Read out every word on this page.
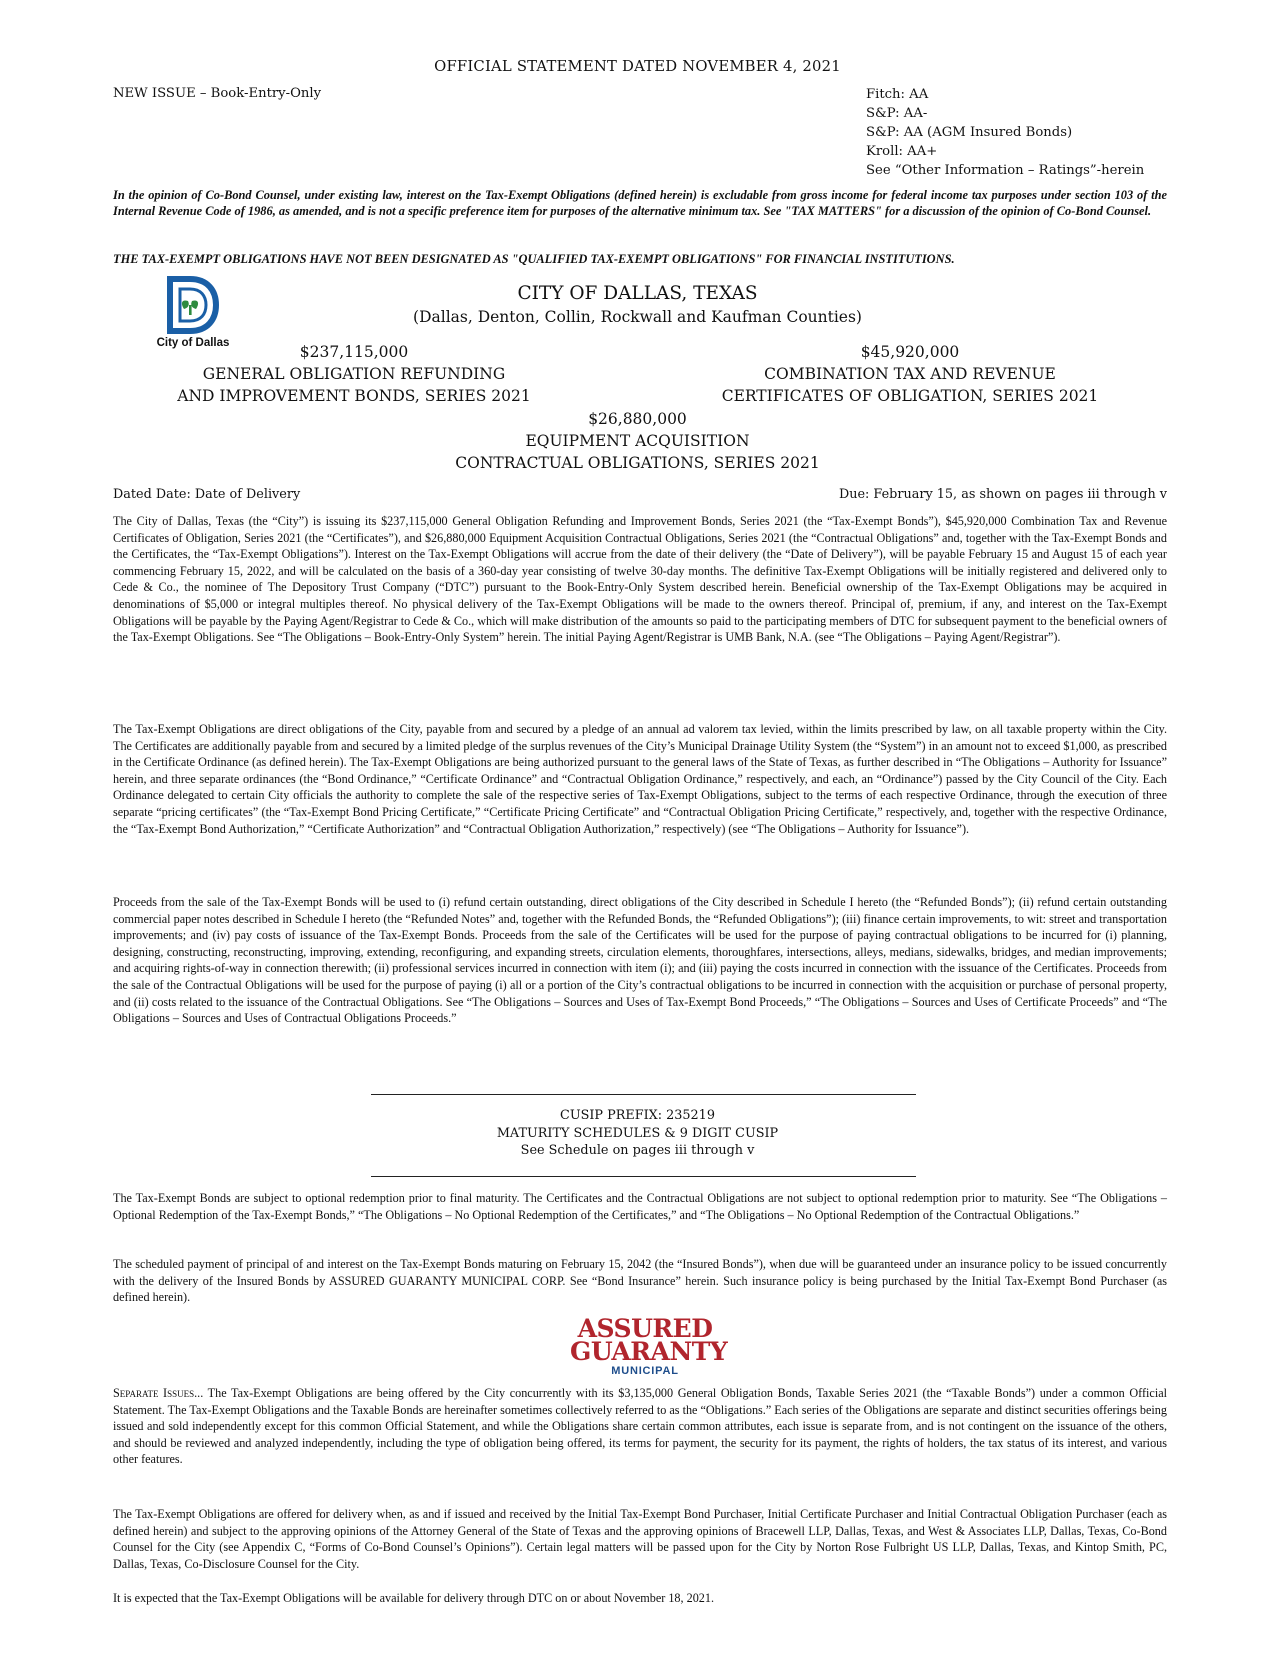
OFFICIAL STATEMENT DATED NOVEMBER 4, 2021
NEW ISSUE – Book-Entry-Only	Fitch: AA
S&P: AA-
S&P: AA (AGM Insured Bonds)
Kroll: AA+
See “Other Information – Ratings”-herein

In the opinion of Co-Bond Counsel, under existing law, interest on the Tax-Exempt Obligations (defined herein) is excludable from gross income for federal income tax purposes under section 103 of the Internal Revenue Code of 1986, as amended, and is not a specific preference item for purposes of the alternative minimum tax. See "TAX MATTERS" for a discussion of the opinion of Co-Bond Counsel.

THE TAX-EXEMPT OBLIGATIONS HAVE NOT BEEN DESIGNATED AS "QUALIFIED TAX-EXEMPT OBLIGATIONS" FOR FINANCIAL INSTITUTIONS.

City of Dallas
CITY OF DALLAS, TEXAS
(Dallas, Denton, Collin, Rockwall and Kaufman Counties)
$237,115,000
GENERAL OBLIGATION REFUNDING
AND IMPROVEMENT BONDS, SERIES 2021
$45,920,000
COMBINATION TAX AND REVENUE
CERTIFICATES OF OBLIGATION, SERIES 2021
$26,880,000
EQUIPMENT ACQUISITION
CONTRACTUAL OBLIGATIONS, SERIES 2021
Dated Date: Date of Delivery	Due: February 15, as shown on pages iii through v

The City of Dallas, Texas (the “City”) is issuing its $237,115,000 General Obligation Refunding and Improvement Bonds, Series 2021 (the “Tax-Exempt Bonds”), $45,920,000 Combination Tax and Revenue Certificates of Obligation, Series 2021 (the “Certificates”), and $26,880,000 Equipment Acquisition Contractual Obligations, Series 2021 (the “Contractual Obligations” and, together with the Tax-Exempt Bonds and the Certificates, the “Tax-Exempt Obligations”). Interest on the Tax-Exempt Obligations will accrue from the date of their delivery (the “Date of Delivery”), will be payable February 15 and August 15 of each year commencing February 15, 2022, and will be calculated on the basis of a 360-day year consisting of twelve 30-day months. The definitive Tax-Exempt Obligations will be initially registered and delivered only to Cede & Co., the nominee of The Depository Trust Company (“DTC”) pursuant to the Book-Entry-Only System described herein. Beneficial ownership of the Tax-Exempt Obligations may be acquired in denominations of $5,000 or integral multiples thereof. No physical delivery of the Tax-Exempt Obligations will be made to the owners thereof. Principal of, premium, if any, and interest on the Tax-Exempt Obligations will be payable by the Paying Agent/Registrar to Cede & Co., which will make distribution of the amounts so paid to the participating members of DTC for subsequent payment to the beneficial owners of the Tax-Exempt Obligations. See “The Obligations – Book-Entry-Only System” herein. The initial Paying Agent/Registrar is UMB Bank, N.A. (see “The Obligations – Paying Agent/Registrar”).

The Tax-Exempt Obligations are direct obligations of the City, payable from and secured by a pledge of an annual ad valorem tax levied, within the limits prescribed by law, on all taxable property within the City. The Certificates are additionally payable from and secured by a limited pledge of the surplus revenues of the City’s Municipal Drainage Utility System (the “System”) in an amount not to exceed $1,000, as prescribed in the Certificate Ordinance (as defined herein). The Tax-Exempt Obligations are being authorized pursuant to the general laws of the State of Texas, as further described in “The Obligations – Authority for Issuance” herein, and three separate ordinances (the “Bond Ordinance,” “Certificate Ordinance” and “Contractual Obligation Ordinance,” respectively, and each, an “Ordinance”) passed by the City Council of the City. Each Ordinance delegated to certain City officials the authority to complete the sale of the respective series of Tax-Exempt Obligations, subject to the terms of each respective Ordinance, through the execution of three separate “pricing certificates” (the “Tax-Exempt Bond Pricing Certificate,” “Certificate Pricing Certificate” and “Contractual Obligation Pricing Certificate,” respectively, and, together with the respective Ordinance, the “Tax-Exempt Bond Authorization,” “Certificate Authorization” and “Contractual Obligation Authorization,” respectively) (see “The Obligations – Authority for Issuance”).

Proceeds from the sale of the Tax-Exempt Bonds will be used to (i) refund certain outstanding, direct obligations of the City described in Schedule I hereto (the “Refunded Bonds”); (ii) refund certain outstanding commercial paper notes described in Schedule I hereto (the “Refunded Notes” and, together with the Refunded Bonds, the “Refunded Obligations”); (iii) finance certain improvements, to wit: street and transportation improvements; and (iv) pay costs of issuance of the Tax-Exempt Bonds. Proceeds from the sale of the Certificates will be used for the purpose of paying contractual obligations to be incurred for (i) planning, designing, constructing, reconstructing, improving, extending, reconfiguring, and expanding streets, circulation elements, thoroughfares, intersections, alleys, medians, sidewalks, bridges, and median improvements; and acquiring rights-of-way in connection therewith; (ii) professional services incurred in connection with item (i); and (iii) paying the costs incurred in connection with the issuance of the Certificates. Proceeds from the sale of the Contractual Obligations will be used for the purpose of paying (i) all or a portion of the City’s contractual obligations to be incurred in connection with the acquisition or purchase of personal property, and (ii) costs related to the issuance of the Contractual Obligations. See “The Obligations – Sources and Uses of Tax-Exempt Bond Proceeds,” “The Obligations – Sources and Uses of Certificate Proceeds” and “The Obligations – Sources and Uses of Contractual Obligations Proceeds.”

CUSIP PREFIX: 235219
MATURITY SCHEDULES & 9 DIGIT CUSIP
See Schedule on pages iii through v

The Tax-Exempt Bonds are subject to optional redemption prior to final maturity. The Certificates and the Contractual Obligations are not subject to optional redemption prior to maturity. See “The Obligations – Optional Redemption of the Tax-Exempt Bonds,” “The Obligations – No Optional Redemption of the Certificates,” and “The Obligations – No Optional Redemption of the Contractual Obligations.”

The scheduled payment of principal of and interest on the Tax-Exempt Bonds maturing on February 15, 2042 (the “Insured Bonds”), when due will be guaranteed under an insurance policy to be issued concurrently with the delivery of the Insured Bonds by ASSURED GUARANTY MUNICIPAL CORP. See “Bond Insurance” herein. Such insurance policy is being purchased by the Initial Tax-Exempt Bond Purchaser (as defined herein).

ASSURED
GUARANTY
MUNICIPAL

Separate Issues... The Tax-Exempt Obligations are being offered by the City concurrently with its $3,135,000 General Obligation Bonds, Taxable Series 2021 (the “Taxable Bonds”) under a common Official Statement. The Tax-Exempt Obligations and the Taxable Bonds are hereinafter sometimes collectively referred to as the “Obligations.” Each series of the Obligations are separate and distinct securities offerings being issued and sold independently except for this common Official Statement, and while the Obligations share certain common attributes, each issue is separate from, and is not contingent on the issuance of the others, and should be reviewed and analyzed independently, including the type of obligation being offered, its terms for payment, the security for its payment, the rights of holders, the tax status of its interest, and various other features.

The Tax-Exempt Obligations are offered for delivery when, as and if issued and received by the Initial Tax-Exempt Bond Purchaser, Initial Certificate Purchaser and Initial Contractual Obligation Purchaser (each as defined herein) and subject to the approving opinions of the Attorney General of the State of Texas and the approving opinions of Bracewell LLP, Dallas, Texas, and West & Associates LLP, Dallas, Texas, Co-Bond Counsel for the City (see Appendix C, “Forms of Co-Bond Counsel’s Opinions”). Certain legal matters will be passed upon for the City by Norton Rose Fulbright US LLP, Dallas, Texas, and Kintop Smith, PC, Dallas, Texas, Co-Disclosure Counsel for the City.

It is expected that the Tax-Exempt Obligations will be available for delivery through DTC on or about November 18, 2021.
